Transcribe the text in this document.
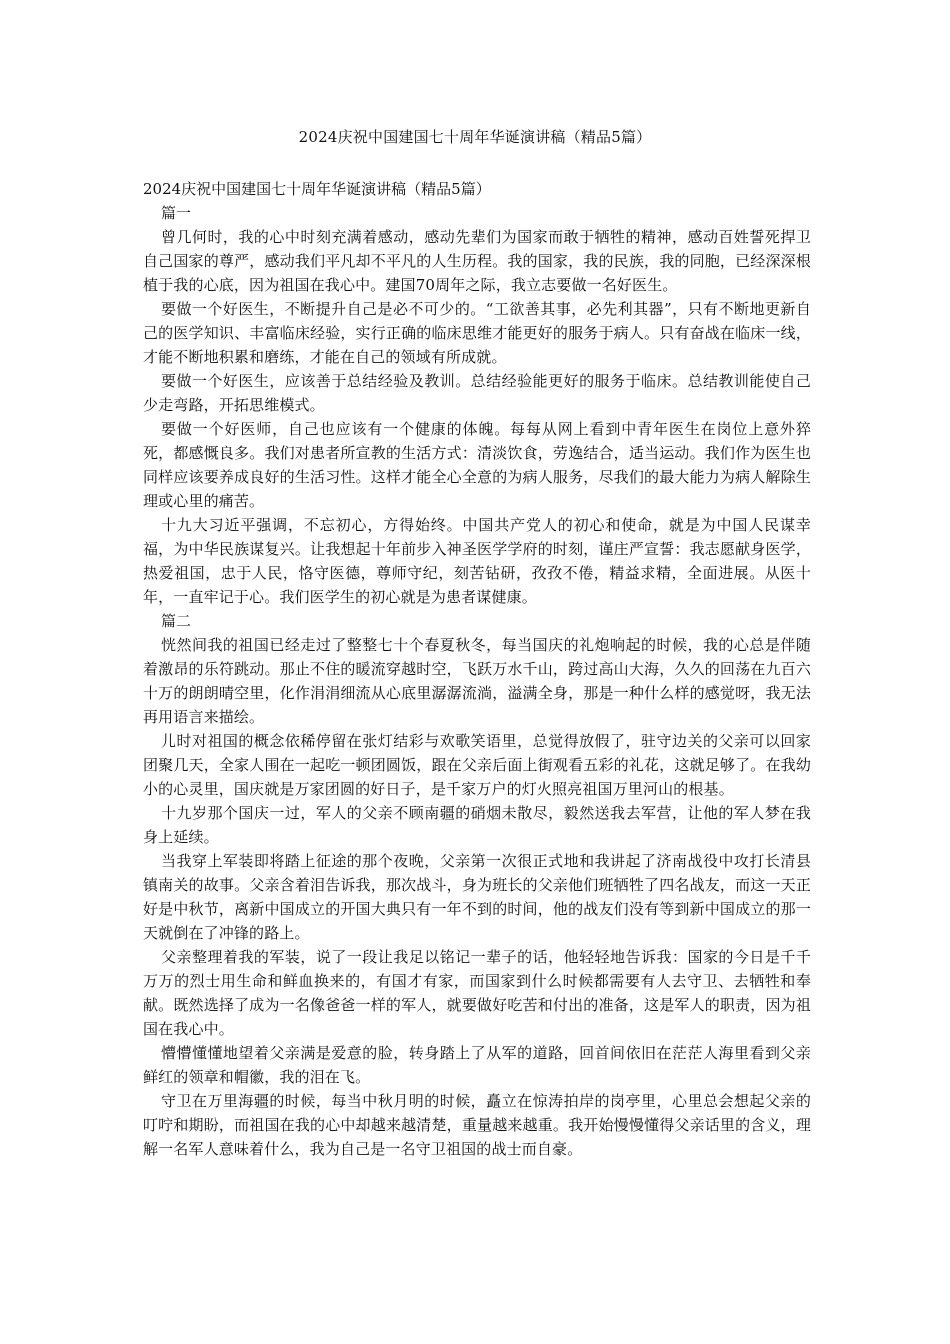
2024庆祝中国建国七十周年华诞演讲稿（精品5篇）

2024庆祝中国建国七十周年华诞演讲稿（精品5篇）

篇一

曾几何时，我的心中时刻充满着感动，感动先辈们为国家而敢于牺牲的精神，感动百姓誓死捍卫自己国家的尊严，感动我们平凡却不平凡的人生历程。我的国家，我的民族，我的同胞，已经深深根植于我的心底，因为祖国在我心中。建国70周年之际，我立志要做一名好医生。

要做一个好医生，不断提升自己是必不可少的。“工欲善其事，必先利其器”，只有不断地更新自己的医学知识、丰富临床经验，实行正确的临床思维才能更好的服务于病人。只有奋战在临床一线，才能不断地积累和磨练，才能在自己的领域有所成就。

要做一个好医生，应该善于总结经验及教训。总结经验能更好的服务于临床。总结教训能使自己少走弯路，开拓思维模式。

要做一个好医师，自己也应该有一个健康的体魄。每每从网上看到中青年医生在岗位上意外猝死，都感慨良多。我们对患者所宣教的生活方式：清淡饮食，劳逸结合，适当运动。我们作为医生也同样应该要养成良好的生活习性。这样才能全心全意的为病人服务，尽我们的最大能力为病人解除生理或心里的痛苦。

十九大习近平强调，不忘初心，方得始终。中国共产党人的初心和使命，就是为中国人民谋幸福，为中华民族谋复兴。让我想起十年前步入神圣医学学府的时刻，谨庄严宣誓：我志愿献身医学，热爱祖国，忠于人民，恪守医德，尊师守纪，刻苦钻研，孜孜不倦，精益求精，全面进展。从医十年，一直牢记于心。我们医学生的初心就是为患者谋健康。

篇二

恍然间我的祖国已经走过了整整七十个春夏秋冬，每当国庆的礼炮响起的时候，我的心总是伴随着激昂的乐符跳动。那止不住的暖流穿越时空，飞跃万水千山，跨过高山大海，久久的回荡在九百六十万的朗朗晴空里，化作涓涓细流从心底里潺潺流淌，溢满全身，那是一种什么样的感觉呀，我无法再用语言来描绘。

儿时对祖国的概念依稀停留在张灯结彩与欢歌笑语里，总觉得放假了，驻守边关的父亲可以回家团聚几天，全家人围在一起吃一顿团圆饭，跟在父亲后面上街观看五彩的礼花，这就足够了。在我幼小的心灵里，国庆就是万家团圆的好日子，是千家万户的灯火照亮祖国万里河山的根基。

十九岁那个国庆一过，军人的父亲不顾南疆的硝烟未散尽，毅然送我去军营，让他的军人梦在我身上延续。

当我穿上军装即将踏上征途的那个夜晚，父亲第一次很正式地和我讲起了济南战役中攻打长清县镇南关的故事。父亲含着泪告诉我，那次战斗，身为班长的父亲他们班牺牲了四名战友，而这一天正好是中秋节，离新中国成立的开国大典只有一年不到的时间，他的战友们没有等到新中国成立的那一天就倒在了冲锋的路上。

父亲整理着我的军装，说了一段让我足以铭记一辈子的话，他轻轻地告诉我：国家的今日是千千万万的烈士用生命和鲜血换来的，有国才有家，而国家到什么时候都需要有人去守卫、去牺牲和奉献。既然选择了成为一名像爸爸一样的军人，就要做好吃苦和付出的准备，这是军人的职责，因为祖国在我心中。

懵懵懂懂地望着父亲满是爱意的脸，转身踏上了从军的道路，回首间依旧在茫茫人海里看到父亲鲜红的领章和帽徽，我的泪在飞。

守卫在万里海疆的时候，每当中秋月明的时候，矗立在惊涛拍岸的岗亭里，心里总会想起父亲的叮咛和期盼，而祖国在我的心中却越来越清楚，重量越来越重。我开始慢慢懂得父亲话里的含义，理解一名军人意味着什么，我为自己是一名守卫祖国的战士而自豪。
